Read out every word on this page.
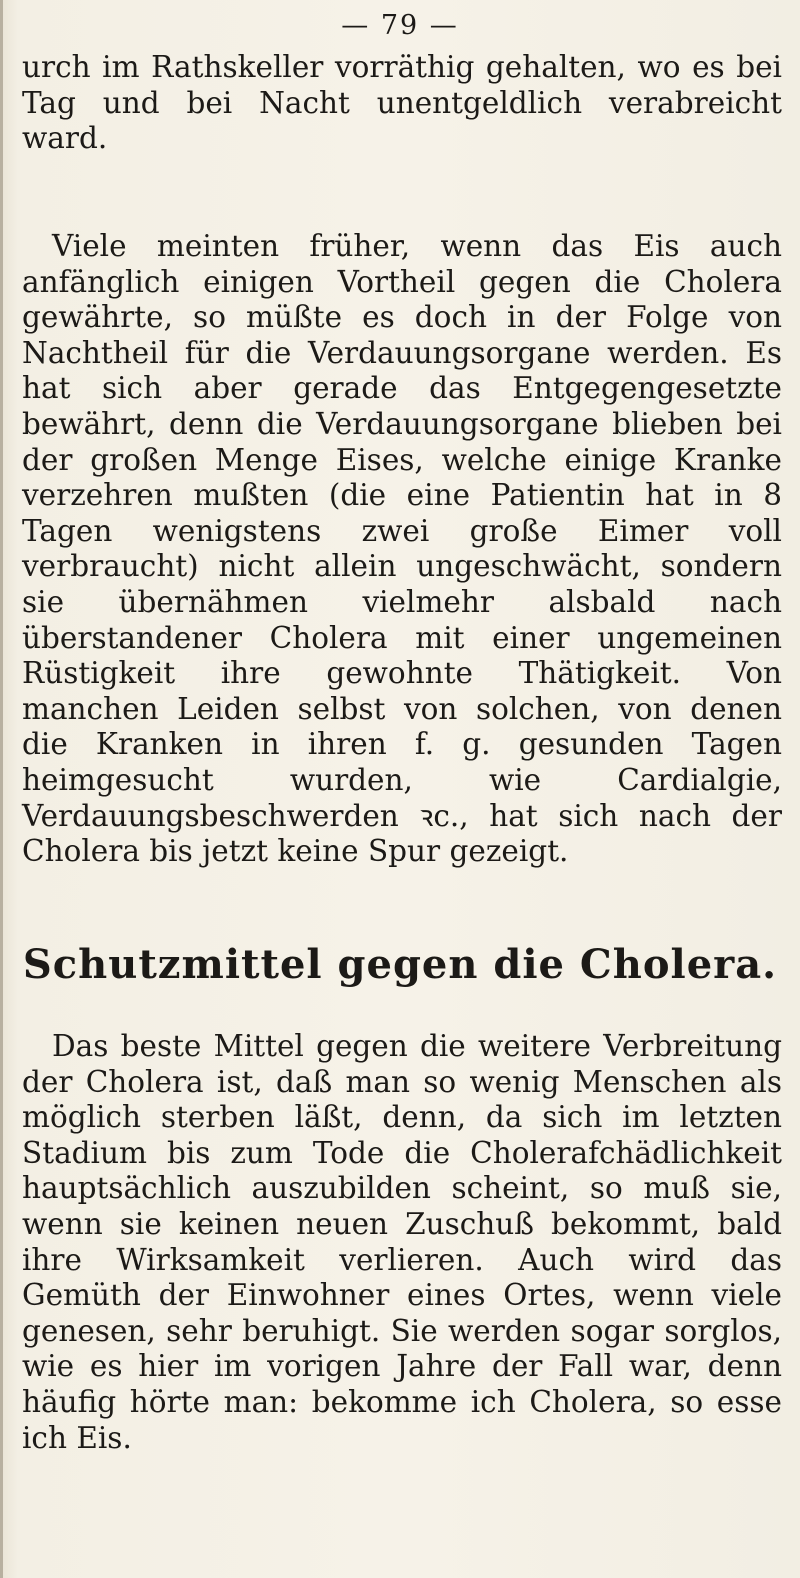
— 79 —

urch im Rathskeller vorräthig gehalten, wo es bei Tag und bei Nacht unentgeldlich verabreicht ward.

Viele meinten früher, wenn das Eis auch anfänglich einigen Vortheil gegen die Cholera gewährte, so müßte es doch in der Folge von Nachtheil für die Verdauungsorgane werden. Es hat sich aber gerade das Entgegengesetzte bewährt, denn die Verdauungsorgane blieben bei der großen Menge Eises, welche einige Kranke verzehren mußten (die eine Patientin hat in 8 Tagen wenigstens zwei große Eimer voll verbraucht) nicht allein ungeschwächt, sondern sie übernähmen vielmehr alsbald nach überstandener Cholera mit einer ungemeinen Rüstigkeit ihre gewohnte Thätigkeit. Von manchen Leiden selbst von solchen, von denen die Kranken in ihren f. g. gesunden Tagen heimgesucht wurden, wie Cardialgie, Verdauungsbeschwerden ꝛc., hat sich nach der Cholera bis jetzt keine Spur gezeigt.

Schutzmittel gegen die Cholera.

Das beste Mittel gegen die weitere Verbreitung der Cholera ist, daß man so wenig Menschen als möglich sterben läßt, denn, da sich im letzten Stadium bis zum Tode die Cholerafchädlichkeit hauptsächlich auszubilden scheint, so muß sie, wenn sie keinen neuen Zuschuß bekommt, bald ihre Wirksamkeit verlieren. Auch wird das Gemüth der Einwohner eines Ortes, wenn viele genesen, sehr beruhigt. Sie werden sogar sorglos, wie es hier im vorigen Jahre der Fall war, denn häufig hörte man: bekomme ich Cholera, so esse ich Eis.
